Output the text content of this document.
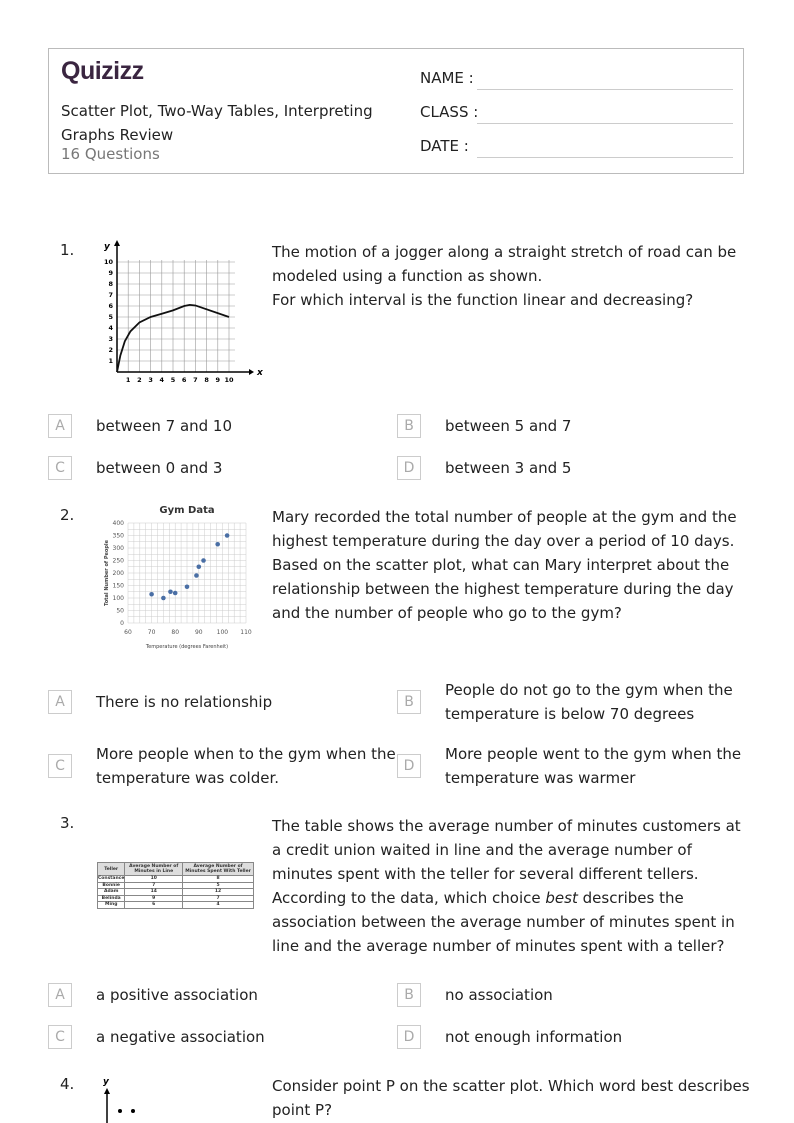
Quizizz
Scatter Plot, Two-Way Tables, Interpreting Graphs Review
16 Questions
NAME :
CLASS :
DATE :
1.
1
1
2
2
3
3
4
4
5
5
6
6
7
7
8
8
9
9
10
10
x
y	The motion of a jogger along a straight stretch of road can be modeled using a function as shown.
For which interval is the function linear and decreasing?
2.
60	70	80	90 100 110
0
50
100
150
200
250
300
350
400
Gym Data
Temperature (degrees Farenheit)
Total Number of People
Mary recorded the total number of people at the gym and the highest temperature during the day over a period of 10 days. Based on the scatter plot, what can Mary interpret about the relationship between the highest temperature during the day and the number of people who go to the gym?
3.
Teller	Average Number of Minutes in Line	Average Number of Minutes Spent With Teller
Constance	10	8
Bonnie	7	5
Adam	14	12
Belinda	9	7
Ming	6	4
The table shows the average number of minutes customers at a credit union waited in line and the average number of minutes spent with the teller for several different tellers.
According to the data, which choice best describes the association between the average number of minutes spent in line and the average number of minutes spent with a teller?
4.	y	Consider point P on the scatter plot. Which word best describes point P?
A	between 7 and 10	B	between 5 and 7
C	between 0 and 3	D	between 3 and 5
A	There is no relationship	B
People do not go to the gym when the temperature is below 70 degrees
C
More people when to the gym when the temperature was colder.
D
More people went to the gym when the temperature was warmer
A	a positive association	B	no association
C	a negative association	D	not enough information
